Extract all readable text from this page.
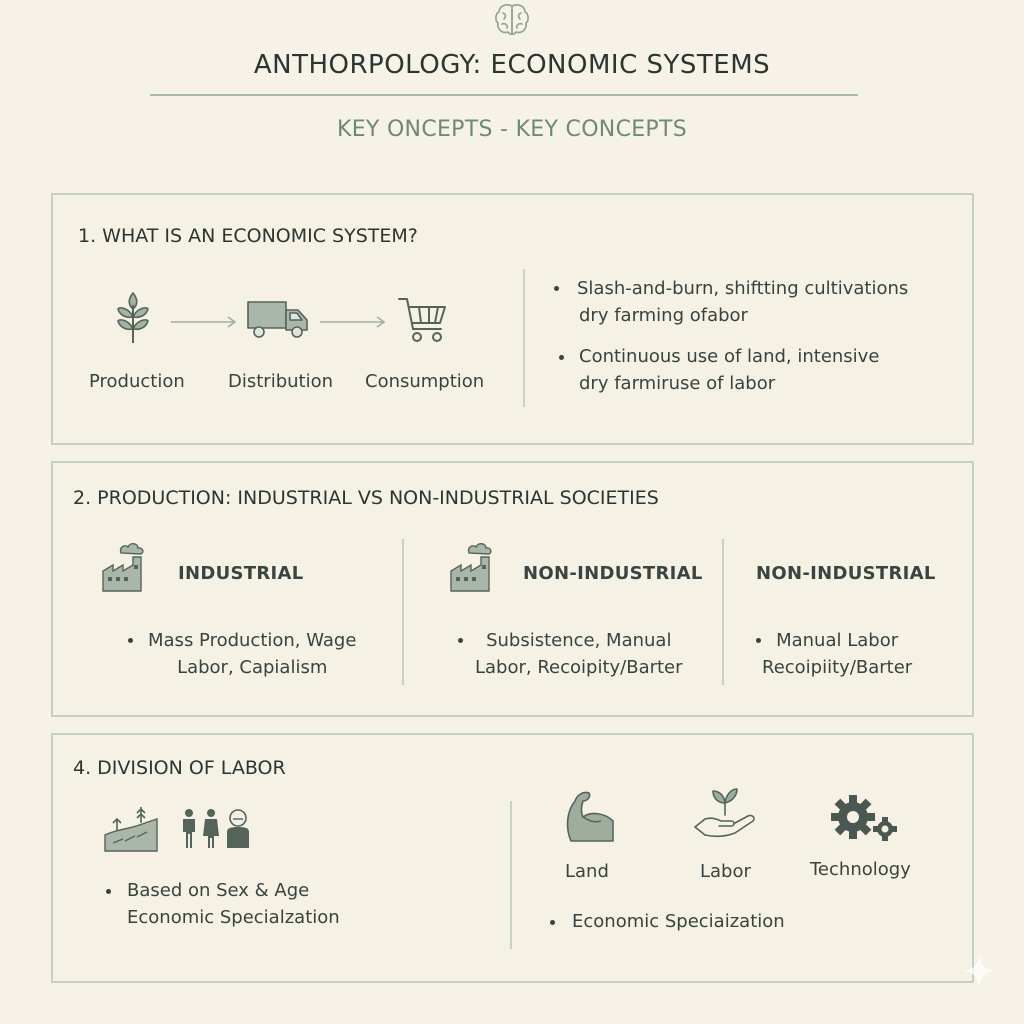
ANTHORPOLOGY: ECONOMIC SYSTEMS
KEY ONCEPTS - KEY CONCEPTS
1. WHAT IS AN ECONOMIC SYSTEM?
Production Distribution Consumption
Slash-and-burn, shiftting cultivations
dry farming ofabor
Continuous use of land, intensive
dry farmiruse of labor
2. PRODUCTION: INDUSTRIAL VS NON-INDUSTRIAL SOCIETIES
INDUSTRIAL
Mass Production, Wage
Labor, Capialism
NON-INDUSTRIAL
Subsistence, Manual
Labor, Recoipity/Barter
NON-INDUSTRIAL
Manual Labor
Recoipiity/Barter
4. DIVISION OF LABOR
Based on Sex & Age
Economic Specialzation
Land	Labor	Technology
Economic Speciaization
